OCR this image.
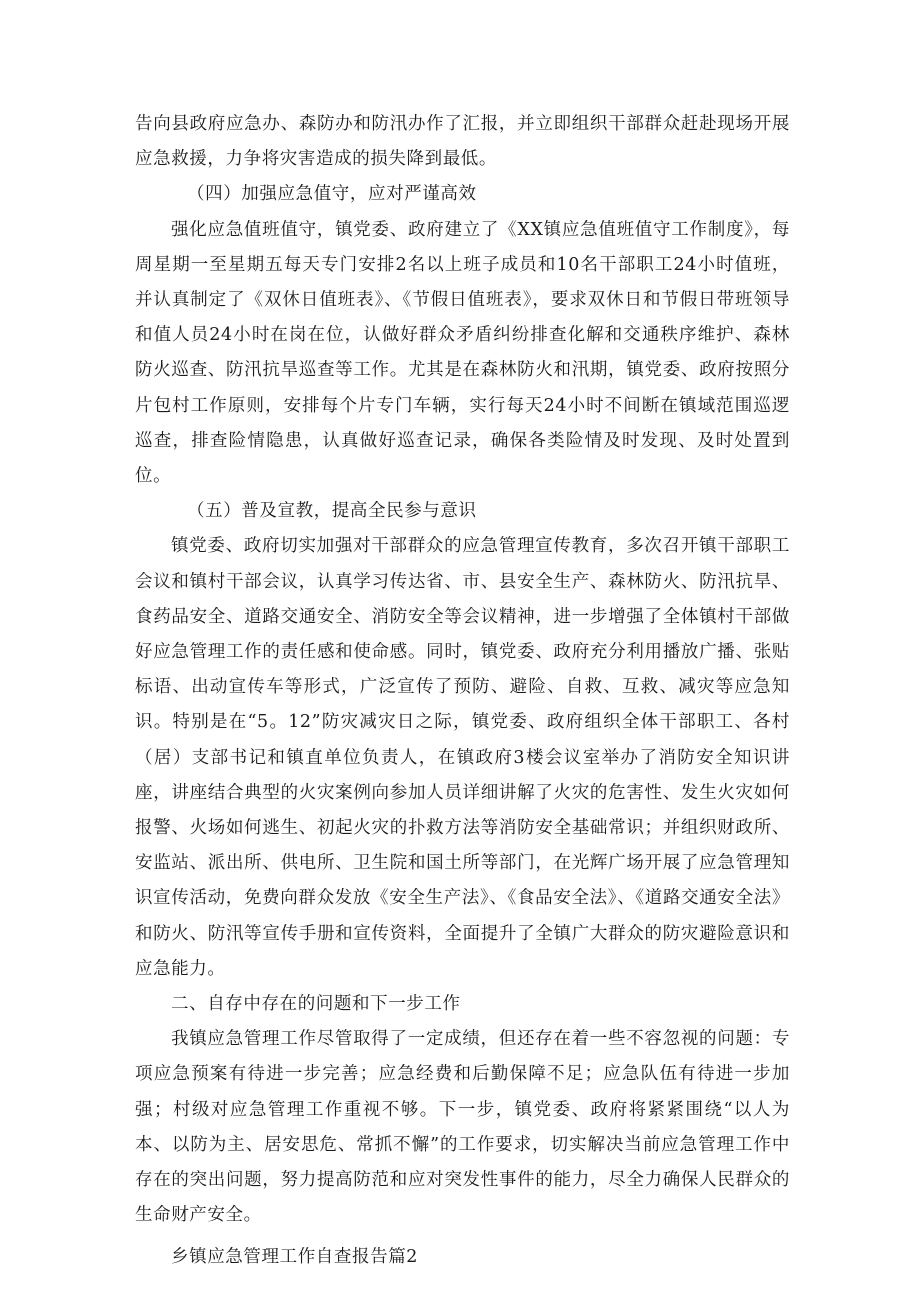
告向县政府应急办、森防办和防汛办作了汇报，并立即组织干部群众赶赴现场开展应急救援，力争将灾害造成的损失降到最低。

（四）加强应急值守，应对严谨高效

强化应急值班值守，镇党委、政府建立了《XX镇应急值班值守工作制度》，每周星期一至星期五每天专门安排2名以上班子成员和10名干部职工24小时值班，并认真制定了《双休日值班表》、《节假日值班表》，要求双休日和节假日带班领导和值人员24小时在岗在位，认做好群众矛盾纠纷排查化解和交通秩序维护、森林防火巡查、防汛抗旱巡查等工作。尤其是在森林防火和汛期，镇党委、政府按照分片包村工作原则，安排每个片专门车辆，实行每天24小时不间断在镇域范围巡逻巡查，排查险情隐患，认真做好巡查记录，确保各类险情及时发现、及时处置到位。

（五）普及宣教，提高全民参与意识

镇党委、政府切实加强对干部群众的应急管理宣传教育，多次召开镇干部职工会议和镇村干部会议，认真学习传达省、市、县安全生产、森林防火、防汛抗旱、食药品安全、道路交通安全、消防安全等会议精神，进一步增强了全体镇村干部做好应急管理工作的责任感和使命感。同时，镇党委、政府充分利用播放广播、张贴标语、出动宣传车等形式，广泛宣传了预防、避险、自救、互救、减灾等应急知识。特别是在“5。12”防灾减灾日之际，镇党委、政府组织全体干部职工、各村（居）支部书记和镇直单位负责人，在镇政府3楼会议室举办了消防安全知识讲座，讲座结合典型的火灾案例向参加人员详细讲解了火灾的危害性、发生火灾如何报警、火场如何逃生、初起火灾的扑救方法等消防安全基础常识；并组织财政所、安监站、派出所、供电所、卫生院和国土所等部门，在光辉广场开展了应急管理知识宣传活动，免费向群众发放《安全生产法》、《食品安全法》、《道路交通安全法》和防火、防汛等宣传手册和宣传资料，全面提升了全镇广大群众的防灾避险意识和应急能力。

二、自存中存在的问题和下一步工作

我镇应急管理工作尽管取得了一定成绩，但还存在着一些不容忽视的问题：专项应急预案有待进一步完善；应急经费和后勤保障不足；应急队伍有待进一步加强；村级对应急管理工作重视不够。下一步，镇党委、政府将紧紧围绕“以人为本、以防为主、居安思危、常抓不懈”的工作要求，切实解决当前应急管理工作中存在的突出问题，努力提高防范和应对突发性事件的能力，尽全力确保人民群众的生命财产安全。

乡镇应急管理工作自查报告篇2
